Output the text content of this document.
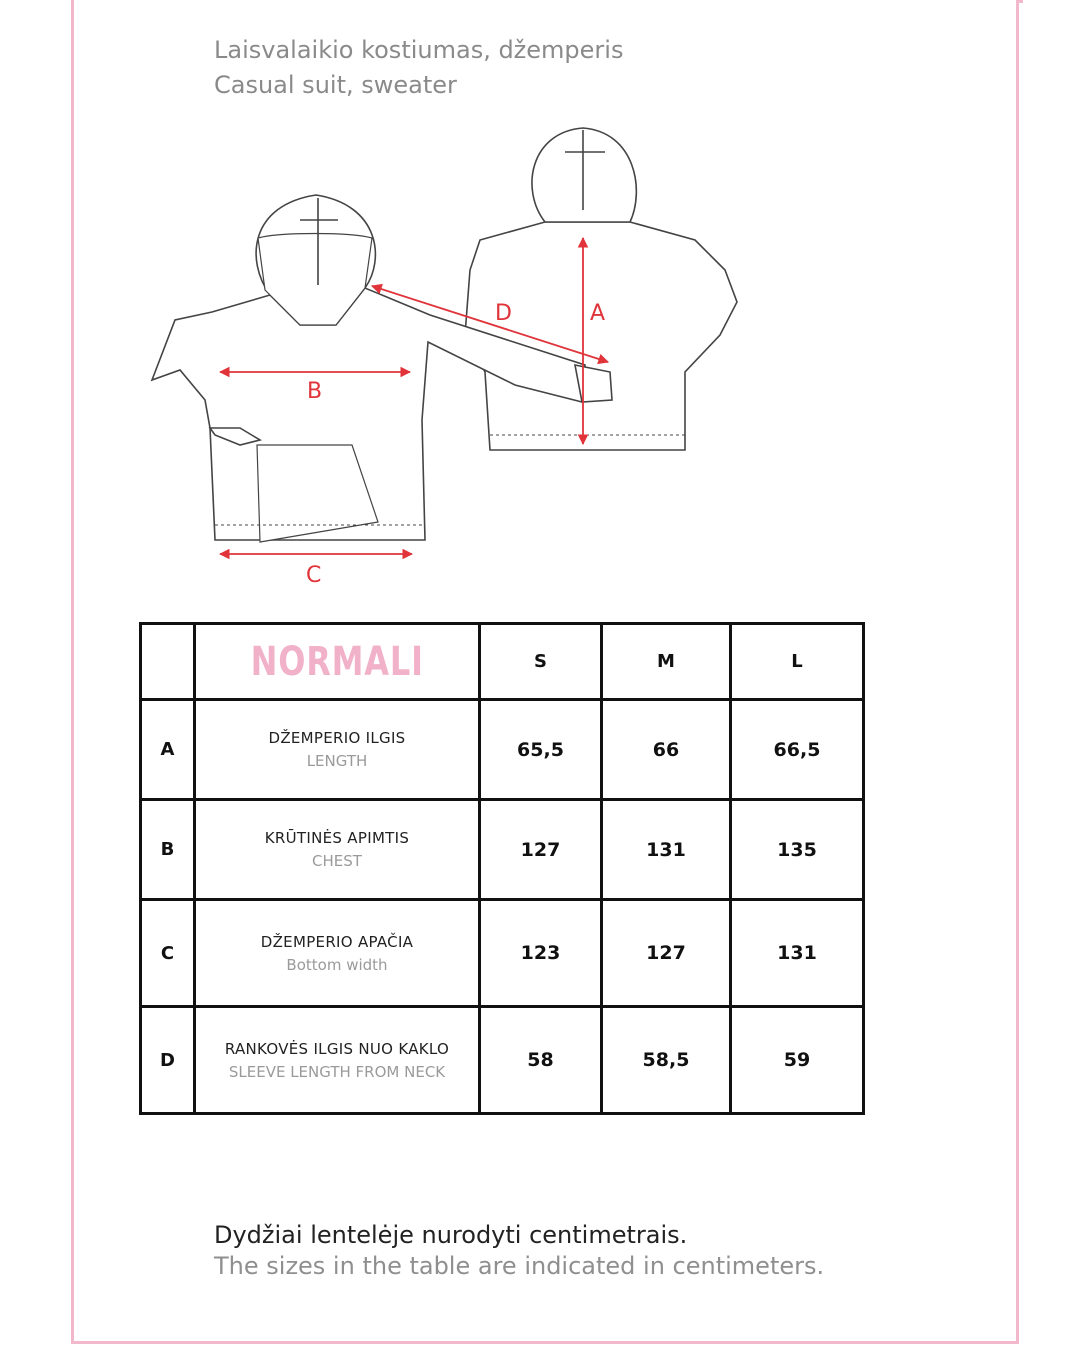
Laisvalaikio kostiumas, džemperis
Casual suit, sweater
A
B
C
D
	NORMALI	S	M	L
A	DŽEMPERIO ILGIS
LENGTH	65,5	66	66,5
B	KRŪTINĖS APIMTIS
CHEST	127	131	135
C	DŽEMPERIO APAČIA
Bottom width	123	127	131
D	RANKOVĖS ILGIS NUO KAKLO
SLEEVE LENGTH FROM NECK	58	58,5	59
Dydžiai lentelėje nurodyti centimetrais.
The sizes in the table are indicated in centimeters.
